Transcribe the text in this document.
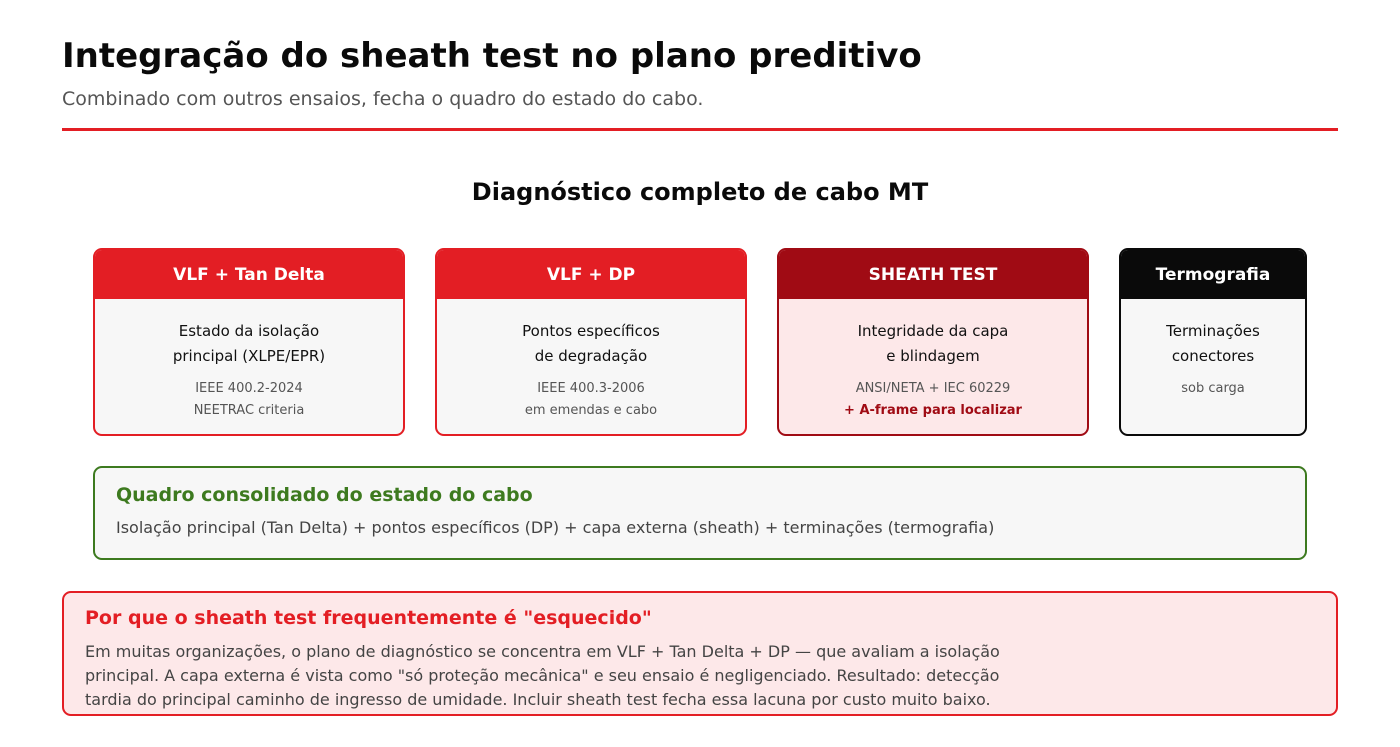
Integração do sheath test no plano preditivo

Combinado com outros ensaios, fecha o quadro do estado do cabo.

Diagnóstico completo de cabo MT
VLF + Tan Delta
Estado da isolação
principal (XLPE/EPR)
IEEE 400.2-2024
NEETRAC criteria
VLF + DP
Pontos específicos
de degradação
IEEE 400.3-2006
em emendas e cabo
SHEATH TEST
Integridade da capa
e blindagem
ANSI/NETA + IEC 60229
+ A-frame para localizar
Termografia
Terminações
conectores
sob carga
Quadro consolidado do estado do cabo
Isolação principal (Tan Delta) + pontos específicos (DP) + capa externa (sheath) + terminações (termografia)
Por que o sheath test frequentemente é "esquecido"
Em muitas organizações, o plano de diagnóstico se concentra em VLF + Tan Delta + DP — que avaliam a isolação
principal. A capa externa é vista como "só proteção mecânica" e seu ensaio é negligenciado. Resultado: detecção
tardia do principal caminho de ingresso de umidade. Incluir sheath test fecha essa lacuna por custo muito baixo.
